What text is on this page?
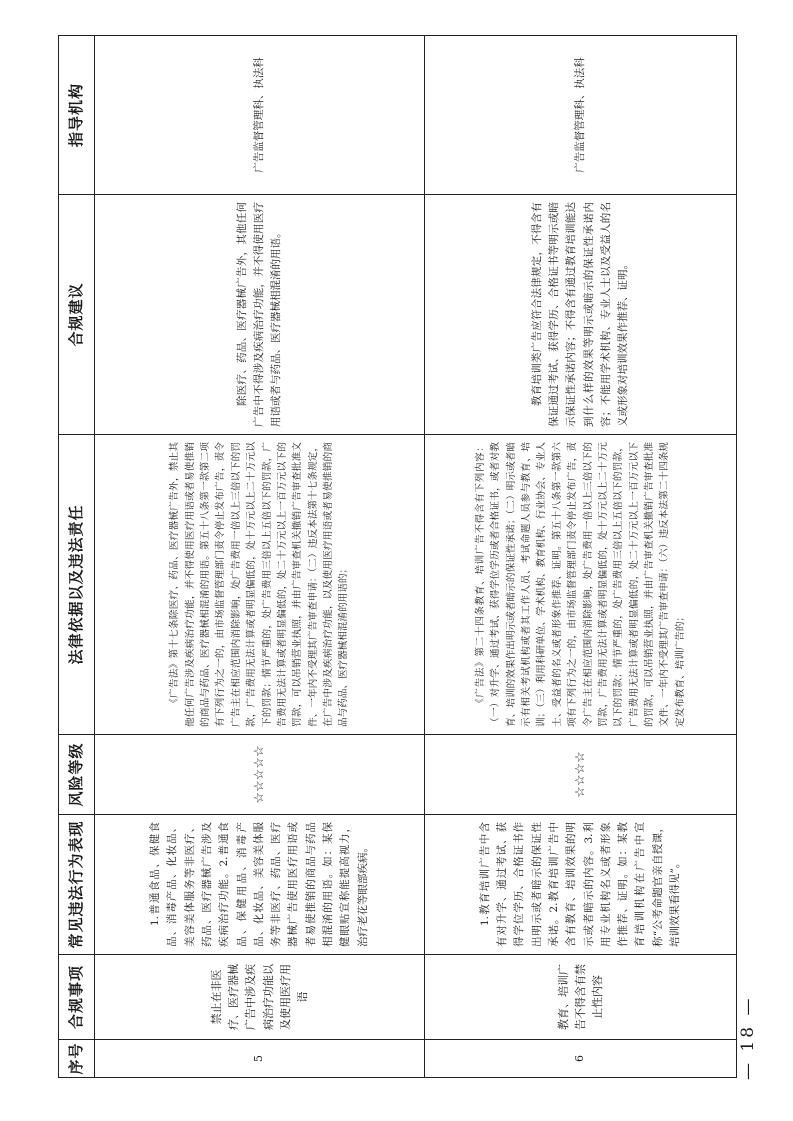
序号	合规事项	常见违法行为表现	风险等级	法律依据以及违法责任	合规建议	指导机构
5	禁止在非医疗、医疗器械广告中涉及疾病治疗功能以及使用医疗用语	1.普通食品、保健食品、消毒产品、化妆品、美容美体服务等非医疗、药品、医疗器械广告涉及疾病治疗功能。2.普通食品、保健用品、消毒产品、化妆品、美容美体服务等非医疗、药品、医疗器械广告使用医疗用语或者易使推销的商品与药品相混淆的用语。如：某保健眼贴宣称能提高视力，治疗老花等眼部疾病。	☆☆☆☆☆	《广告法》第十七条除医疗、药品、医疗器械广告外，禁止其他任何广告涉及疾病治疗功能，并不得使用医疗用语或者易使推销的商品与药品、医疗器械相混淆的用语。第五十八条第一款第二项有下列行为之一的，由市场监督管理部门责令停止发布广告，责令广告主在相应范围内消除影响，处广告费用一倍以上三倍以下的罚款，广告费用无法计算或者明显偏低的，处十万元以上二十万元以下的罚款；情节严重的，处广告费用三倍以上五倍以下的罚款，广告费用无法计算或者明显偏低的，处二十万元以上一百万元以下的罚款，可以吊销营业执照，并由广告审查机关撤销广告审查批准文件、一年内不受理其广告审查申请：（二）违反本法第十七条规定，在广告中涉及疾病治疗功能，以及使用医疗用语或者易使推销的商品与药品、医疗器械相混淆的用语的；	除医疗、药品、医疗器械广告外，其他任何广告中不得涉及疾病治疗功能，并不得使用医疗用语或者与药品、医疗器械相混淆的用语。	广告监督管理科、执法科
6	教育、培训广告不得含有禁止性内容	1.教育培训广告中含有对升学、通过考试、获得学位学历、合格证书作出明示或者暗示的保证性承诺。2.教育培训广告中含有教育、培训效果的明示或者暗示的内容。3.利用专业机构名义或者形象作推荐、证明。如：某教育培训机构在广告中宣称“公考命题官亲自授课，培训效果看得见”。	☆☆☆☆	《广告法》第二十四条教育、培训广告不得含有下列内容：（一）对升学、通过考试、获得学位学历或者合格证书，或者对教育、培训的效果作出明示或者暗示的保证性承诺；（二）明示或者暗示有相关考试机构或者其工作人员、考试命题人员参与教育、培训；（三）利用科研单位、学术机构、教育机构、行业协会、专业人士、受益者的名义或者形象作推荐、证明。第五十八条第一款第六项有下列行为之一的，由市场监督管理部门责令停止发布广告，责令广告主在相应范围内消除影响，处广告费用一倍以上三倍以下的罚款，广告费用无法计算或者明显偏低的，处十万元以上二十万元以下的罚款；情节严重的，处广告费用三倍以上五倍以下的罚款，广告费用无法计算或者明显偏低的，处二十万元以上一百万元以下的罚款，可以吊销营业执照，并由广告审查机关撤销广告审查批准文件、一年内不受理其广告审查申请：（六）违反本法第二十四条规定发布教育、培训广告的；	教育培训类广告应符合法律规定，不得含有保证通过考试、获得学历、合格证书等明示或暗示保证性承诺内容；不得含有通过教育培训能达到什么样的效果等明示或暗示的保证性承诺内容；不能用学术机构、专业人士以及受益人的名义或形象对培训效果作推荐、证明。	广告监督管理科、执法科
— 18 —
